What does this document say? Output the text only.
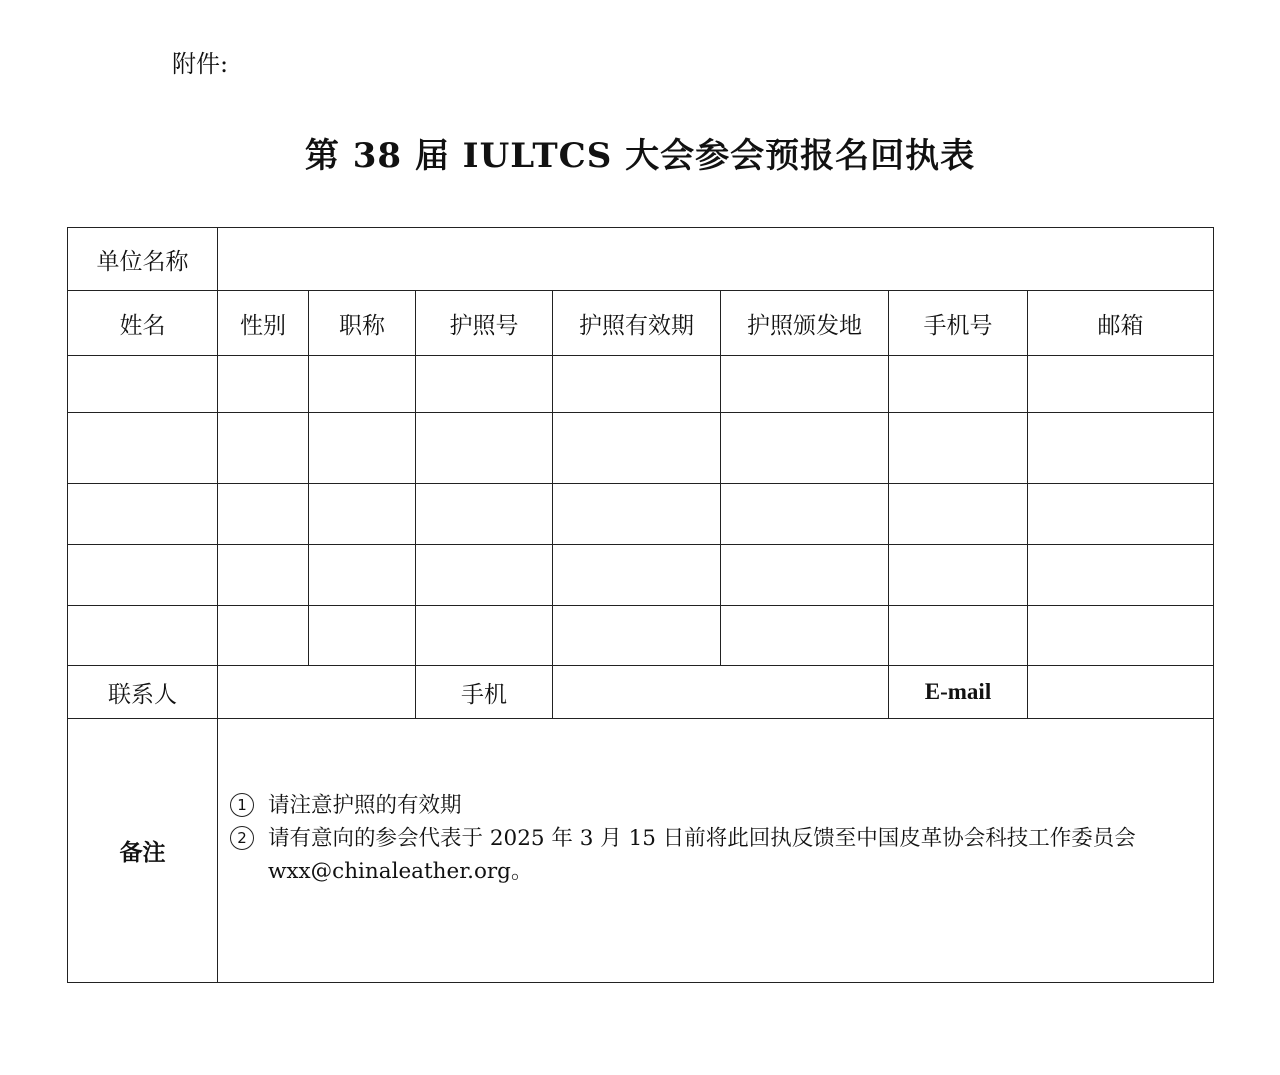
附件:
第 38 届 IULTCS 大会参会预报名回执表
单位名称							
姓名	性别	职称	护照号	护照有效期	护照颁发地	手机号	邮箱

联系人			手机			E-mail	
备注	1 请注意护照的有效期
2 请有意向的参会代表于 2025 年 3 月 15 日前将此回执反馈至中国皮革协会科技工作委员会 wxx@chinaleather.org。						
